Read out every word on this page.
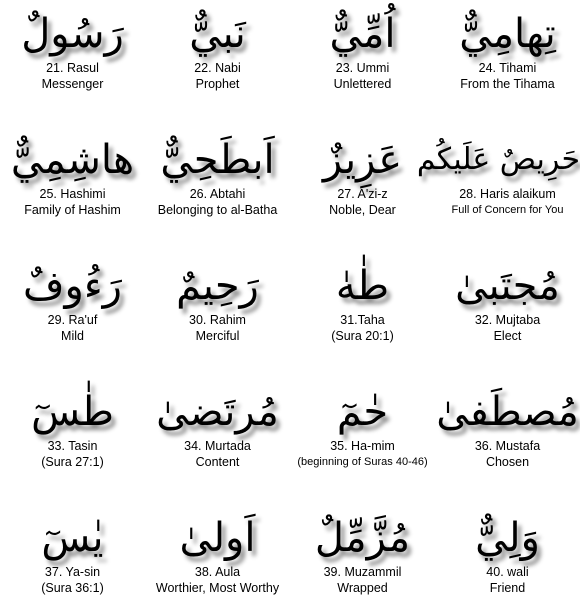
رَسُولٌ
21. Rasul
Messenger
نَبيٌّ
22. Nabi
Prophet
اُمِّيٌّ
23. Ummi
Unlettered
تِهامِيٌّ
24. Tihami
From the Tihama
هاشِمِيٌّ
25. Hashimi
Family of Hashim
اَبطَحِيٌّ
26. Abtahi
Belonging to al-Batha
عَزِيزٌ
27. A'zi-z
Noble, Dear
حَرِيصٌ عَلَيكُم
28. Haris alaikum
Full of Concern for You
رَءُوفٌ
29. Ra'uf
Mild
رَحِيمٌ
30. Rahim
Merciful
طٰهٰ
31.Taha
(Sura 20:1)
مُجتَبىٰ
32. Mujtaba
Elect
طٰسٓ
33. Tasin
(Sura 27:1)
مُرتَضىٰ
34. Murtada
Content
حٰمٓ
35. Ha-mim
(beginning of Suras 40-46)
مُصطَفىٰ
36. Mustafa
Chosen
يٰسٓ
37. Ya-sin
(Sura 36:1)
اَولىٰ
38. Aula
Worthier, Most Worthy
مُزَّمِّلٌ
39. Muzammil
Wrapped
وَلِيٌّ
40. wali
Friend
